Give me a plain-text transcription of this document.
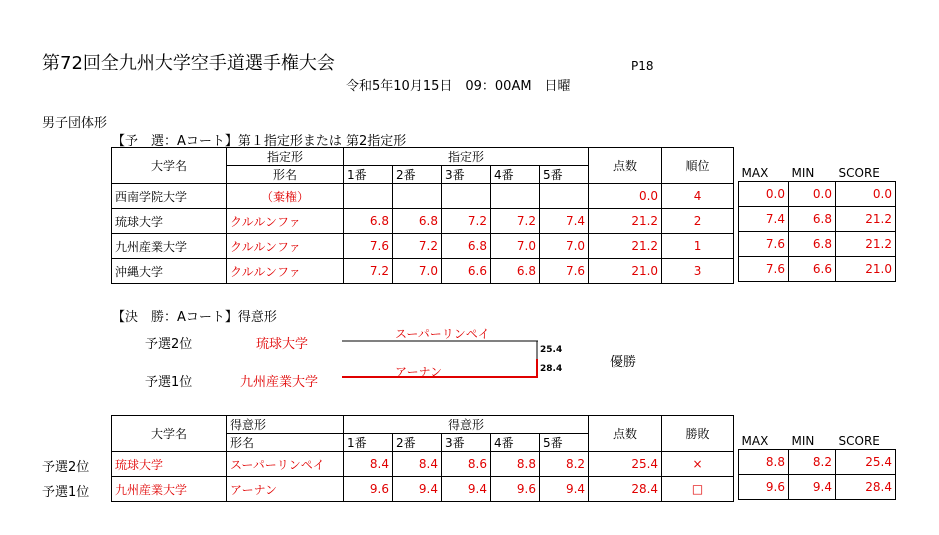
第72回全九州大学空手道選手権大会	P18
令和5年10月15日　09：00AM　日曜
男子団体形
【予　選：Aコート】第１指定形または 第2指定形
大学名	指定形	指定形					点数	順位
	形名	1番	2番	3番	4番	5番		
西南学院大学	（棄権）						0.0	4
琉球大学	クルルンファ	6.8	6.8	7.2	7.2	7.4	21.2	2
九州産業大学	クルルンファ	7.6	7.2	6.8	7.0	7.0	21.2	1
沖縄大学	クルルンファ	7.2	7.0	6.6	6.8	7.6	21.0	3
MAX	MIN	SCORE
0.0	0.0	0.0
7.4	6.8	21.2
7.6	6.8	21.2
7.6	6.6	21.0
【決　勝：Aコート】得意形
予選2位	琉球大学
スーパーリンペイ
予選1位	九州産業大学
アーナン
25.4
28.4	優勝
大学名	得意形	得意形					点数	勝敗
	形名	1番	2番	3番	4番	5番		
琉球大学	スーパーリンペイ	8.4	8.4	8.6	8.8	8.2	25.4	×
九州産業大学	アーナン	9.6	9.4	9.4	9.6	9.4	28.4	□
予選2位
予選1位
MAX	MIN	SCORE
8.8	8.2	25.4
9.6	9.4	28.4
